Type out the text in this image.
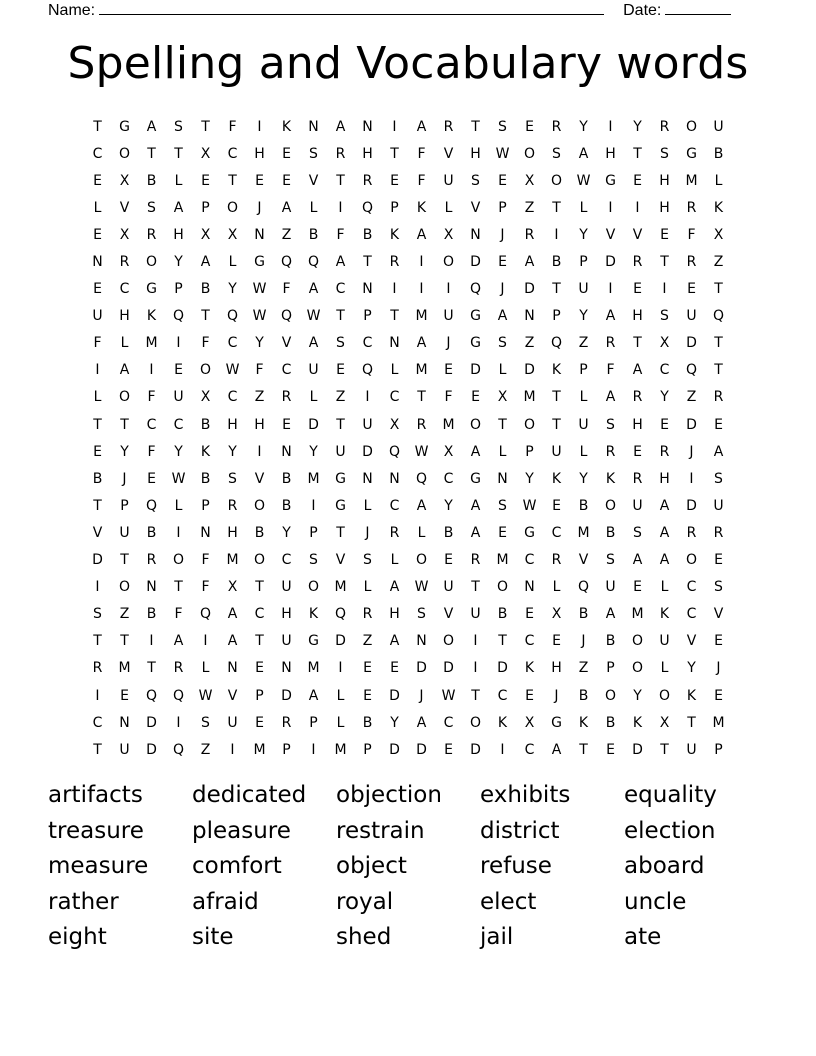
Name:	Date:
Spelling and Vocabulary words
T	G	A	S	T	F	I	K	N	A	N	I	A	R	T	S	E	R	Y	I	Y	R	O	U
C	O	T	T	X	C	H	E	S	R	H	T	F	V	H	W	O	S	A	H	T	S	G	B
E	X	B	L	E	T	E	E	V	T	R	E	F	U	S	E	X	O	W	G	E	H	M	L
L	V	S	A	P	O	J	A	L	I	Q	P	K	L	V	P	Z	T	L	I	I	H	R	K
E	X	R	H	X	X	N	Z	B	F	B	K	A	X	N	J	R	I	Y	V	V	E	F	X
N	R	O	Y	A	L	G	Q	Q	A	T	R	I	O	D	E	A	B	P	D	R	T	R	Z
E	C	G	P	B	Y	W	F	A	C	N	I	I	I	Q	J	D	T	U	I	E	I	E	T
U	H	K	Q	T	Q	W	Q	W	T	P	T	M	U	G	A	N	P	Y	A	H	S	U	Q
F	L	M	I	F	C	Y	V	A	S	C	N	A	J	G	S	Z	Q	Z	R	T	X	D	T
I	A	I	E	O	W	F	C	U	E	Q	L	M	E	D	L	D	K	P	F	A	C	Q	T
L	O	F	U	X	C	Z	R	L	Z	I	C	T	F	E	X	M	T	L	A	R	Y	Z	R
T	T	C	C	B	H	H	E	D	T	U	X	R	M	O	T	O	T	U	S	H	E	D	E
E	Y	F	Y	K	Y	I	N	Y	U	D	Q	W	X	A	L	P	U	L	R	E	R	J	A
B	J	E	W	B	S	V	B	M	G	N	N	Q	C	G	N	Y	K	Y	K	R	H	I	S
T	P	Q	L	P	R	O	B	I	G	L	C	A	Y	A	S	W	E	B	O	U	A	D	U
V	U	B	I	N	H	B	Y	P	T	J	R	L	B	A	E	G	C	M	B	S	A	R	R
D	T	R	O	F	M	O	C	S	V	S	L	O	E	R	M	C	R	V	S	A	A	O	E
I	O	N	T	F	X	T	U	O	M	L	A	W	U	T	O	N	L	Q	U	E	L	C	S
S	Z	B	F	Q	A	C	H	K	Q	R	H	S	V	U	B	E	X	B	A	M	K	C	V
T	T	I	A	I	A	T	U	G	D	Z	A	N	O	I	T	C	E	J	B	O	U	V	E
R	M	T	R	L	N	E	N	M	I	E	E	D	D	I	D	K	H	Z	P	O	L	Y	J
I	E	Q	Q	W	V	P	D	A	L	E	D	J	W	T	C	E	J	B	O	Y	O	K	E
C	N	D	I	S	U	E	R	P	L	B	Y	A	C	O	K	X	G	K	B	K	X	T	M
T	U	D	Q	Z	I	M	P	I	M	P	D	D	E	D	I	C	A	T	E	D	T	U	P
artifacts	dedicated	objection	exhibits	equality
treasure	pleasure	restrain	district	election
measure	comfort	object	refuse	aboard
rather	afraid	royal	elect	uncle
eight	site	shed	jail	ate
